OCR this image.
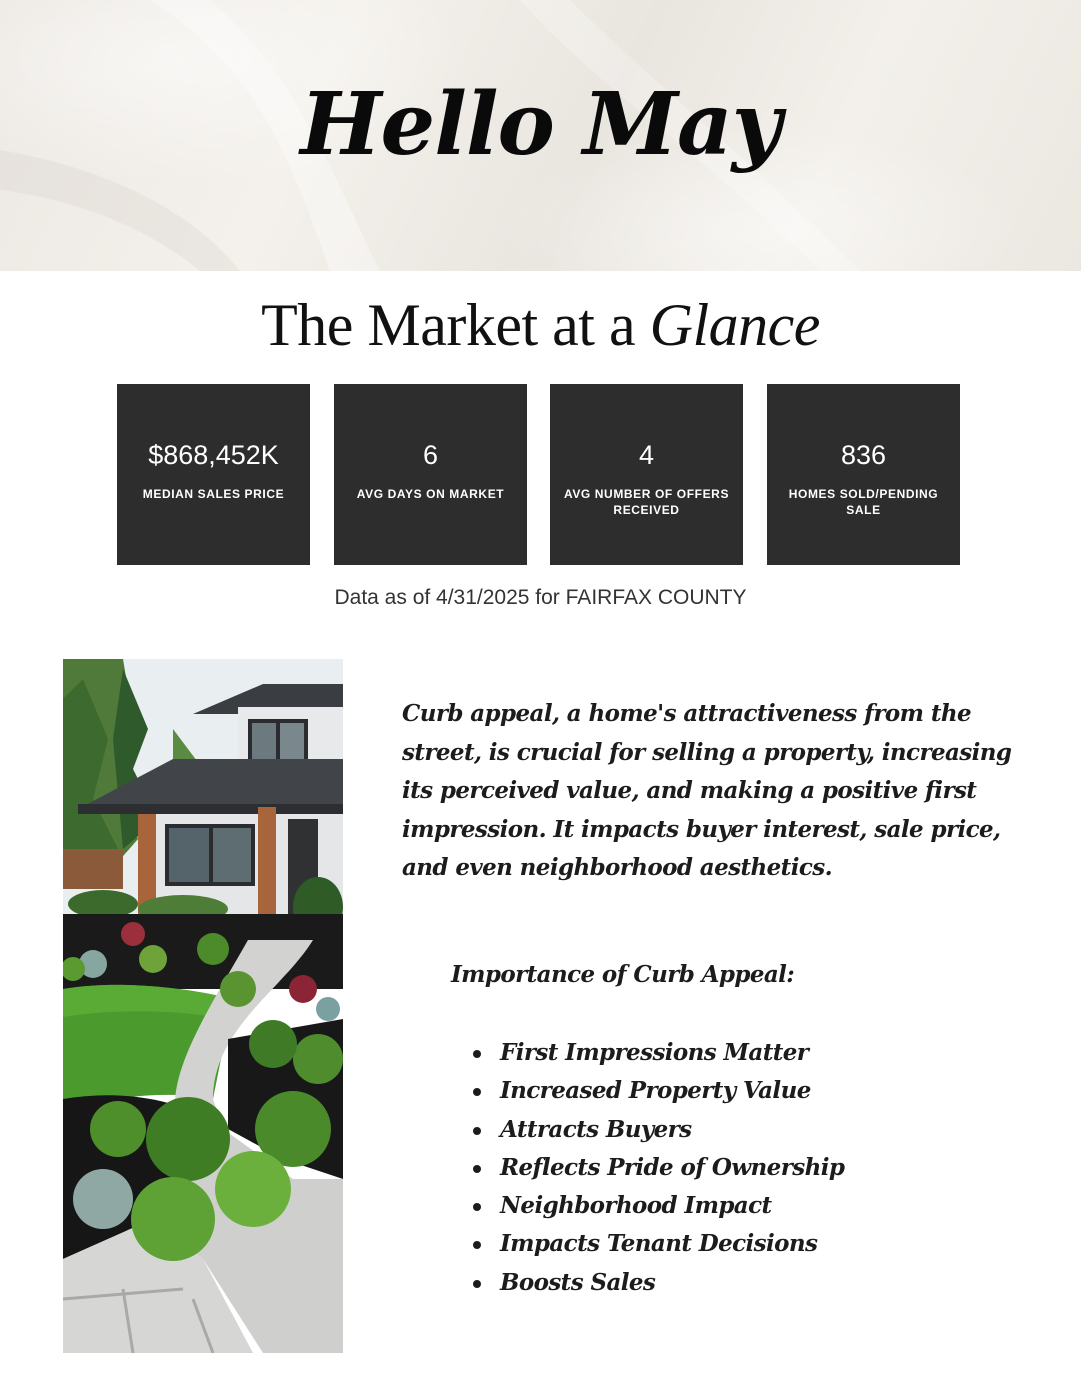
Hello May
The Market at a Glance
$868,452K
MEDIAN SALES PRICE
6
AVG DAYS ON MARKET
4
AVG NUMBER OF OFFERS RECEIVED
836
HOMES SOLD/PENDING SALE
Data as of 4/31/2025 for FAIRFAX COUNTY
Curb appeal, a home's attractiveness from the street, is crucial for selling a property, increasing its perceived value, and making a positive first impression. It impacts buyer interest, sale price, and even neighborhood aesthetics.
Importance of Curb Appeal:
First Impressions Matter
Increased Property Value
Attracts Buyers
Reflects Pride of Ownership
Neighborhood Impact
Impacts Tenant Decisions
Boosts Sales
